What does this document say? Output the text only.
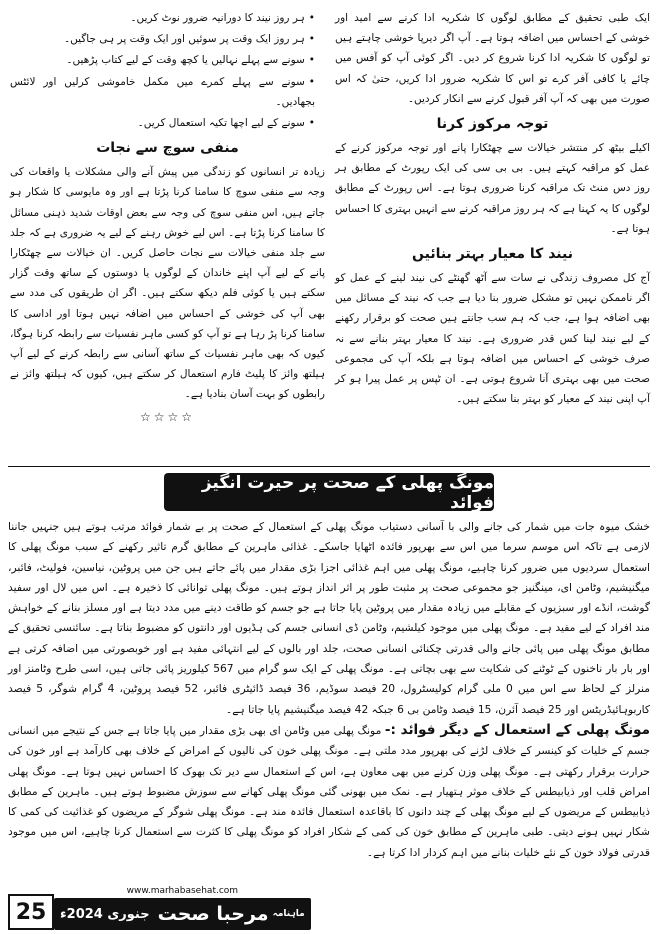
ایک طبی تحقیق کے مطابق لوگوں کا شکریہ ادا کرنے سے امید اور خوشی کے احساس میں اضافہ ہوتا ہے۔ آپ اگر دیرپا خوشی چاہتے ہیں تو لوگوں کا شکریہ ادا کرنا شروع کر دیں۔ اگر کوئی آپ کو آفس میں چائے یا کافی آفر کرے تو اس کا شکریہ ضرور ادا کریں، حتیٰ کہ اس صورت میں بھی کہ آپ آفر قبول کرنے سے انکار کردیں۔

توجہ مرکوز کرنا

اکیلے بیٹھ کر منتشر خیالات سے چھٹکارا پانے اور توجہ مرکوز کرنے کے عمل کو مراقبہ کہتے ہیں۔ بی بی سی کی ایک رپورٹ کے مطابق ہر روز دس منٹ تک مراقبہ کرنا ضروری ہوتا ہے۔ اس رپورٹ کے مطابق لوگوں کا یہ کہنا ہے کہ ہر روز مراقبہ کرنے سے انہیں بہتری کا احساس ہوتا ہے۔

نیند کا معیار بہتر بنائیں

آج کل مصروف زندگی نے سات سے آٹھ گھنٹے کی نیند لینے کے عمل کو اگر ناممکن نہیں تو مشکل ضرور بنا دیا ہے جب کہ نیند کے مسائل میں بھی اضافہ ہوا ہے، جب کہ ہم سب جانتے ہیں صحت کو برقرار رکھنے کے لیے نیند لینا کس قدر ضروری ہے۔ نیند کا معیار بہتر بنانے سے نہ صرف خوشی کے احساس میں اضافہ ہوتا ہے بلکہ آپ کی مجموعی صحت میں بھی بہتری آنا شروع ہوتی ہے۔ ان ٹپس پر عمل پیرا ہو کر آپ اپنی نیند کے معیار کو بہتر بنا سکتے ہیں۔

• ہر روز نیند کا دورانیہ ضرور نوٹ کریں۔

• ہر روز ایک وقت پر سوئیں اور ایک وقت پر ہی جاگیں۔

• سونے سے پہلے نہالیں یا کچھ وقت کے لیے کتاب پڑھیں۔

• سونے سے پہلے کمرے میں مکمل خاموشی کرلیں اور لائٹس بجھادیں۔

• سونے کے لیے اچھا تکیہ استعمال کریں۔

منفی سوچ سے نجات

زیادہ تر انسانوں کو زندگی میں پیش آنے والی مشکلات یا واقعات کی وجہ سے منفی سوچ کا سامنا کرنا پڑتا ہے اور وہ مایوسی کا شکار ہو جاتے ہیں، اس منفی سوچ کی وجہ سے بعض اوقات شدید ذہنی مسائل کا سامنا کرنا پڑتا ہے۔ اس لیے خوش رہنے کے لیے یہ ضروری ہے کہ جلد سے جلد منفی خیالات سے نجات حاصل کریں۔ ان خیالات سے چھٹکارا پانے کے لیے آپ اپنے خاندان کے لوگوں یا دوستوں کے ساتھ وقت گزار سکتے ہیں یا کوئی فلم دیکھ سکتے ہیں۔ اگر ان طریقوں کی مدد سے بھی آپ کی خوشی کے احساس میں اضافہ نہیں ہوتا اور اداسی کا سامنا کرنا پڑ رہا ہے تو آپ کو کسی ماہر نفسیات سے رابطہ کرنا ہوگا، کیوں کہ بھی ماہر نفسیات کے ساتھ آسانی سے رابطہ کرنے کے لیے آپ ہیلتھ وائز کا پلیٹ فارم استعمال کر سکتے ہیں، کیوں کہ ہیلتھ وائز نے رابطوں کو بہت آسان بنادیا ہے۔

☆☆☆☆
مونگ پھلی کے صحت پر حیرت انگیز فوائد

خشک میوہ جات میں شمار کی جانے والی با آسانی دستیاب مونگ پھلی کے استعمال کے صحت پر بے شمار فوائد مرتب ہوتے ہیں جنہیں جاننا لازمی ہے تاکہ اس موسم سرما میں اس سے بھرپور فائدہ اٹھایا جاسکے۔ غذائی ماہرین کے مطابق گرم تاثیر رکھنے کے سبب مونگ پھلی کا استعمال سردیوں میں ضرور کرنا چاہیے، مونگ پھلی میں اہم غذائی اجزا بڑی مقدار میں پائے جاتے ہیں جن میں پروٹین، نیاسین، فولیٹ، فائبر، میگنیشیم، وٹامن ای، مینگنیز جو مجموعی صحت پر مثبت طور پر اثر انداز ہوتے ہیں۔ مونگ پھلی توانائی کا ذخیرہ ہے۔ اس میں لال اور سفید گوشت، انڈے اور سبزیوں کے مقابلے میں زیادہ مقدار میں پروٹین پایا جاتا ہے جو جسم کو طاقت دینے میں مدد دیتا ہے اور مسلز بنانے کے خواہش مند افراد کے لیے مفید ہے۔ مونگ پھلی میں موجود کیلشیم، وٹامن ڈی انسانی جسم کی ہڈیوں اور دانتوں کو مضبوط بناتا ہے۔ سائنسی تحقیق کے مطابق مونگ پھلی میں پائی جانے والی قدرتی چکنائی انسانی صحت، جلد اور بالوں کے لیے انتہائی مفید ہے اور خوبصورتی میں اضافہ کرتی ہے اور بار بار ناخنوں کے ٹوٹنے کی شکایت سے بھی بچاتی ہے۔ مونگ پھلی کے ایک سو گرام میں 567 کیلوریز پائی جاتی ہیں، اسی طرح وٹامنز اور منرلز کے لحاظ سے اس میں 0 ملی گرام کولیسٹرول، 20 فیصد سوڈیم، 36 فیصد ڈائیٹری فائبر، 52 فیصد پروٹین، 4 گرام شوگر، 5 فیصد کاربوہائیڈریٹس اور 25 فیصد آئرن، 15 فیصد وٹامن بی 6 جبکہ 42 فیصد میگنیشیم پایا جاتا ہے۔

مونگ پھلی کے استعمال کے دیگر فوائد :- مونگ پھلی میں وٹامن ای بھی بڑی مقدار میں پایا جاتا ہے جس کے نتیجے میں انسانی جسم کے خلیات کو کینسر کے خلاف لڑنے کی بھرپور مدد ملتی ہے۔ مونگ پھلی خون کی نالیوں کے امراض کے خلاف بھی کارآمد ہے اور خون کی حرارت برقرار رکھتی ہے۔ مونگ پھلی وزن کرنے میں بھی معاون ہے، اس کے استعمال سے دیر تک بھوک کا احساس نہیں ہوتا ہے۔ مونگ پھلی امراض قلب اور ذیابیطس کے خلاف موثر ہتھیار ہے۔ نمک میں بھونی گئی مونگ پھلی کھانے سے سوزش مضبوط ہوتے ہیں۔ ماہرین کے مطابق ذیابیطس کے مریضوں کے لیے مونگ پھلی کے چند دانوں کا باقاعدہ استعمال فائدہ مند ہے۔ مونگ پھلی شوگر کے مریضوں کو غذائیت کی کمی کا شکار نہیں ہونے دیتی۔ طبی ماہرین کے مطابق خون کی کمی کے شکار افراد کو مونگ پھلی کا کثرت سے استعمال کرنا چاہیے، اس میں موجود قدرتی فولاد خون کے نئے خلیات بنانے میں اہم کردار ادا کرتا ہے۔

25
www.marhabasehat.com
جنوری 2024ء مرحبا صحت ماہنامہ
